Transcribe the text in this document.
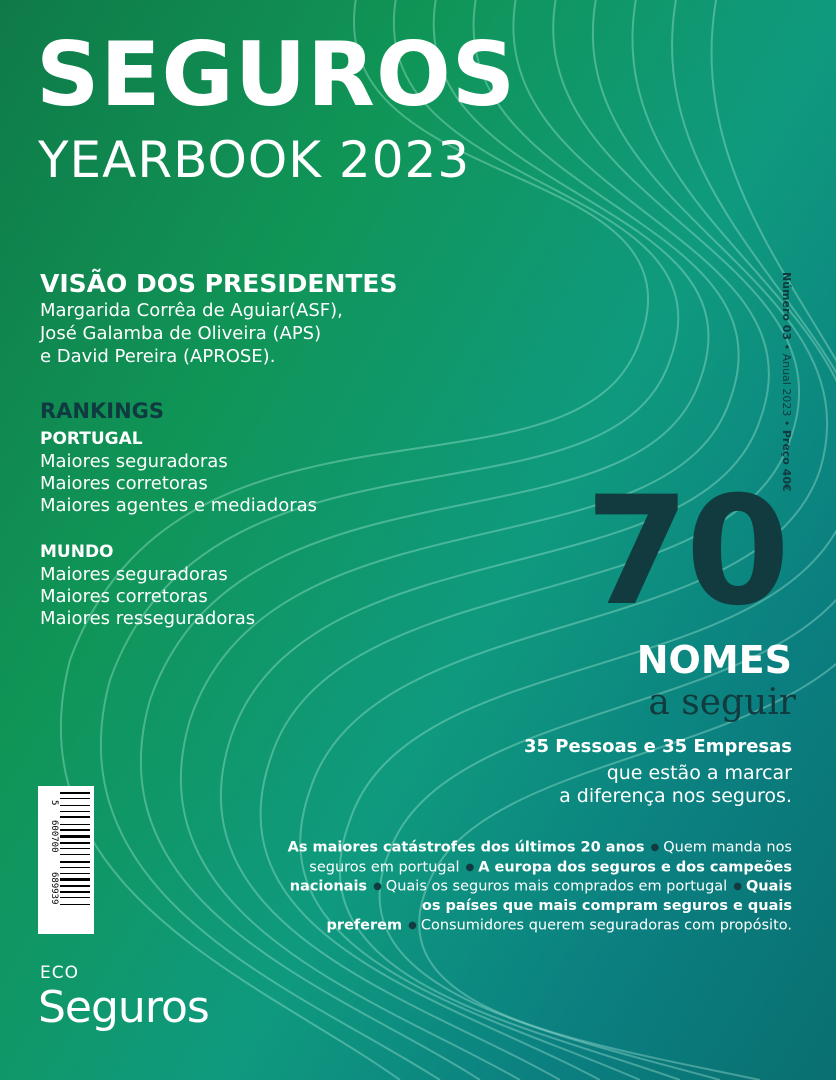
SEGUROS
YEARBOOK 2023
VISÃO DOS PRESIDENTES
Margarida Corrêa de Aguiar(ASF),
José Galamba de Oliveira (APS)
e David Pereira (APROSE).
RANKINGS
PORTUGAL
Maiores seguradoras
Maiores corretoras
Maiores agentes e mediadoras
MUNDO
Maiores seguradoras
Maiores corretoras
Maiores resseguradoras
Número 03 • Anual 2023 • Preço 40€
70
NOMES
a seguir
35 Pessoas e 35 Empresas
que estão a marcar
a diferença nos seguros.
As maiores catástrofes dos últimos 20 anos ● Quem manda nos seguros em portugal ● A europa dos seguros e dos campeões nacionais ● Quais os seguros mais comprados em portugal ● Quais os países que mais compram seguros e quais preferem ● Consumidores querem seguradoras com propósito.
5
600700
689939
ECO
Seguros
